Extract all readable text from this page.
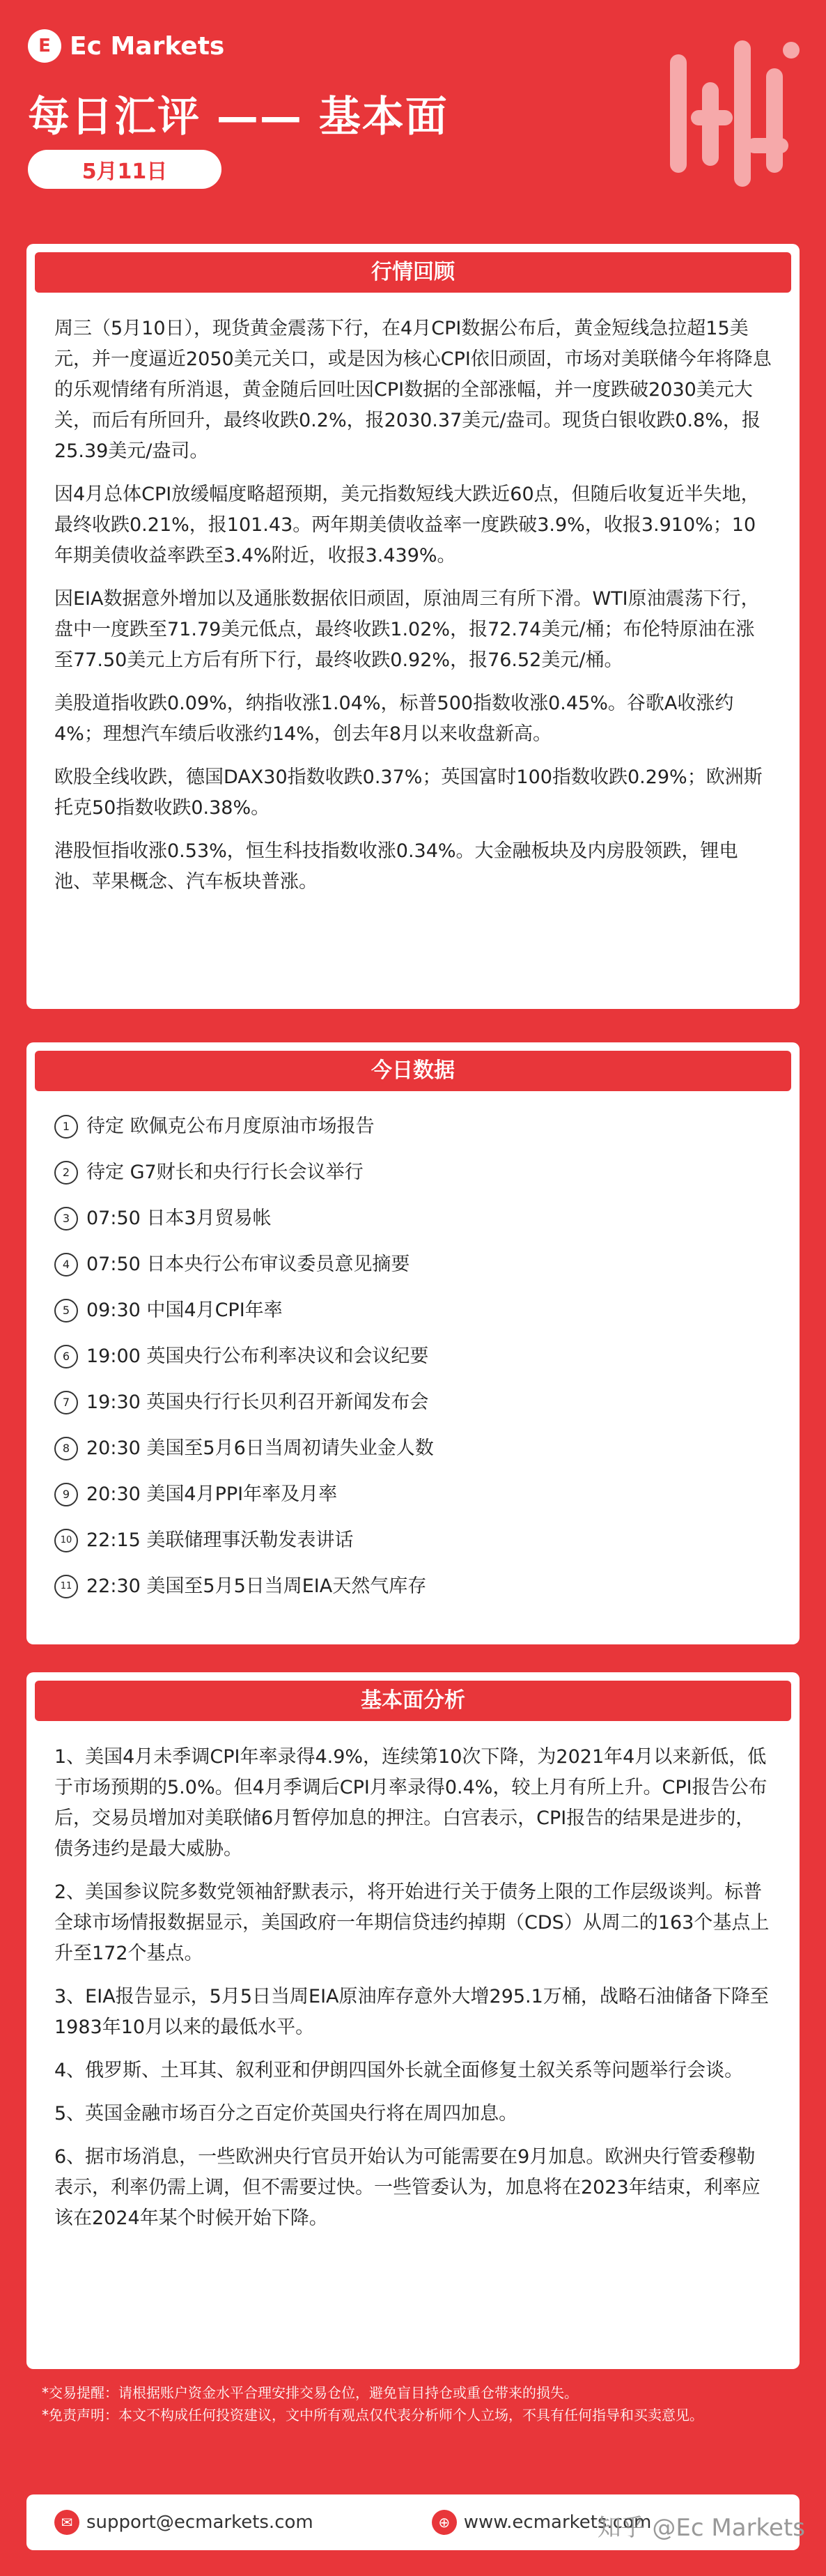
E Ec Markets
每日汇评 —— 基本面
5月11日
行情回顾

周三（5月10日），现货黄金震荡下行，在4月CPI数据公布后，黄金短线急拉超15美元，并一度逼近2050美元关口，或是因为核心CPI依旧顽固，市场对美联储今年将降息的乐观情绪有所消退，黄金随后回吐因CPI数据的全部涨幅，并一度跌破2030美元大关，而后有所回升，最终收跌0.2%，报2030.37美元/盎司。现货白银收跌0.8%，报25.39美元/盎司。

因4月总体CPI放缓幅度略超预期，美元指数短线大跌近60点，但随后收复近半失地，最终收跌0.21%，报101.43。两年期美债收益率一度跌破3.9%，收报3.910%；10年期美债收益率跌至3.4%附近，收报3.439%。

因EIA数据意外增加以及通胀数据依旧顽固，原油周三有所下滑。WTI原油震荡下行，盘中一度跌至71.79美元低点，最终收跌1.02%，报72.74美元/桶；布伦特原油在涨至77.50美元上方后有所下行，最终收跌0.92%，报76.52美元/桶。

美股道指收跌0.09%，纳指收涨1.04%，标普500指数收涨0.45%。谷歌A收涨约4%；理想汽车绩后收涨约14%，创去年8月以来收盘新高。

欧股全线收跌，德国DAX30指数收跌0.37%；英国富时100指数收跌0.29%；欧洲斯托克50指数收跌0.38%。

港股恒指收涨0.53%，恒生科技指数收涨0.34%。大金融板块及内房股领跌，锂电池、苹果概念、汽车板块普涨。

今日数据
1 待定 欧佩克公布月度原油市场报告
2 待定 G7财长和央行行长会议举行
3 07:50 日本3月贸易帐
4 07:50 日本央行公布审议委员意见摘要
5 09:30 中国4月CPI年率
6 19:00 英国央行公布利率决议和会议纪要
7 19:30 英国央行行长贝利召开新闻发布会
8 20:30 美国至5月6日当周初请失业金人数
9 20:30 美国4月PPI年率及月率
10 22:15 美联储理事沃勒发表讲话
11 22:30 美国至5月5日当周EIA天然气库存
基本面分析

1、美国4月未季调CPI年率录得4.9%，连续第10次下降，为2021年4月以来新低，低于市场预期的5.0%。但4月季调后CPI月率录得0.4%，较上月有所上升。CPI报告公布后，交易员增加对美联储6月暂停加息的押注。白宫表示，CPI报告的结果是进步的，债务违约是最大威胁。

2、美国参议院多数党领袖舒默表示，将开始进行关于债务上限的工作层级谈判。标普全球市场情报数据显示，美国政府一年期信贷违约掉期（CDS）从周二的163个基点上升至172个基点。

3、EIA报告显示，5月5日当周EIA原油库存意外大增295.1万桶，战略石油储备下降至1983年10月以来的最低水平。

4、俄罗斯、土耳其、叙利亚和伊朗四国外长就全面修复土叙关系等问题举行会谈。

5、英国金融市场百分之百定价英国央行将在周四加息。

6、据市场消息，一些欧洲央行官员开始认为可能需要在9月加息。欧洲央行管委穆勒表示，利率仍需上调，但不需要过快。一些管委认为，加息将在2023年结束，利率应该在2024年某个时候开始下降。

*交易提醒：请根据账户资金水平合理安排交易仓位，避免盲目持仓或重仓带来的损失。

*免责声明：本文不构成任何投资建议，文中所有观点仅代表分析师个人立场，不具有任何指导和买卖意见。

✉ support@ecmarkets.com	⊕ www.ecmarkets.com
知乎 @Ec Markets
